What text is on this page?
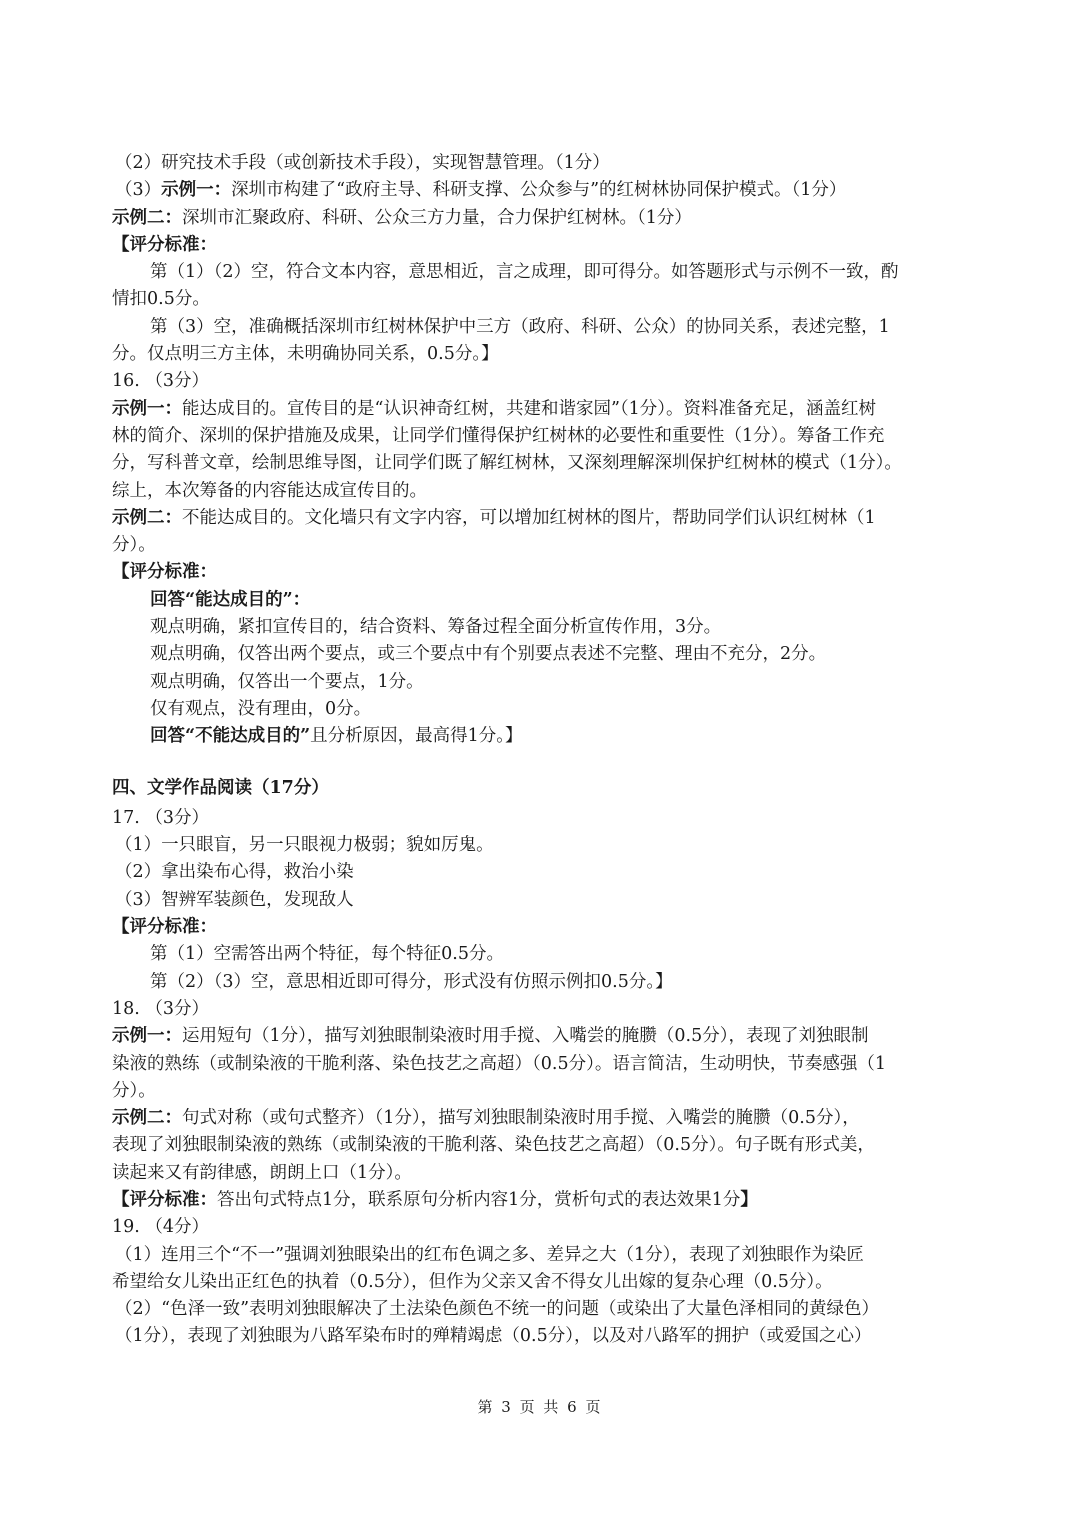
（2）研究技术手段（或创新技术手段），实现智慧管理。（1分）
（3）示例一：深圳市构建了“政府主导、科研支撑、公众参与”的红树林协同保护模式。（1分）
示例二：深圳市汇聚政府、科研、公众三方力量，合力保护红树林。（1分）
【评分标准：
第（1）（2）空，符合文本内容，意思相近，言之成理，即可得分。如答题形式与示例不一致，酌
情扣0.5分。
第（3）空，准确概括深圳市红树林保护中三方（政府、科研、公众）的协同关系，表述完整，1
分。仅点明三方主体，未明确协同关系，0.5分。】
16. （3分）
示例一：能达成目的。宣传目的是“认识神奇红树，共建和谐家园”（1分）。资料准备充足，涵盖红树
林的简介、深圳的保护措施及成果，让同学们懂得保护红树林的必要性和重要性（1分）。筹备工作充
分，写科普文章，绘制思维导图，让同学们既了解红树林，又深刻理解深圳保护红树林的模式（1分）。
综上，本次筹备的内容能达成宣传目的。
示例二：不能达成目的。文化墙只有文字内容，可以增加红树林的图片，帮助同学们认识红树林（1
分）。
【评分标准：
回答“能达成目的”：
观点明确，紧扣宣传目的，结合资料、筹备过程全面分析宣传作用，3分。
观点明确，仅答出两个要点，或三个要点中有个别要点表述不完整、理由不充分，2分。
观点明确，仅答出一个要点，1分。
仅有观点，没有理由，0分。
回答“不能达成目的”且分析原因，最高得1分。】
四、文学作品阅读（17分）
17. （3分）
（1）一只眼盲，另一只眼视力极弱；貌如厉鬼。
（2）拿出染布心得，救治小染
（3）智辨军装颜色，发现敌人
【评分标准：
第（1）空需答出两个特征，每个特征0.5分。
第（2）（3）空，意思相近即可得分，形式没有仿照示例扣0.5分。】
18. （3分）
示例一：运用短句（1分），描写刘独眼制染液时用手搅、入嘴尝的腌臜（0.5分），表现了刘独眼制
染液的熟练（或制染液的干脆利落、染色技艺之高超）（0.5分）。语言简洁，生动明快，节奏感强（1
分）。
示例二：句式对称（或句式整齐）（1分），描写刘独眼制染液时用手搅、入嘴尝的腌臜（0.5分），
表现了刘独眼制染液的熟练（或制染液的干脆利落、染色技艺之高超）（0.5分）。句子既有形式美，
读起来又有韵律感，朗朗上口（1分）。
【评分标准：答出句式特点1分，联系原句分析内容1分，赏析句式的表达效果1分】
19. （4分）
（1）连用三个“不一”强调刘独眼染出的红布色调之多、差异之大（1分），表现了刘独眼作为染匠
希望给女儿染出正红色的执着（0.5分），但作为父亲又舍不得女儿出嫁的复杂心理（0.5分）。
（2）“色泽一致”表明刘独眼解决了土法染色颜色不统一的问题（或染出了大量色泽相同的黄绿色）
（1分），表现了刘独眼为八路军染布时的殚精竭虑（0.5分），以及对八路军的拥护（或爱国之心）
第 3 页 共 6 页
